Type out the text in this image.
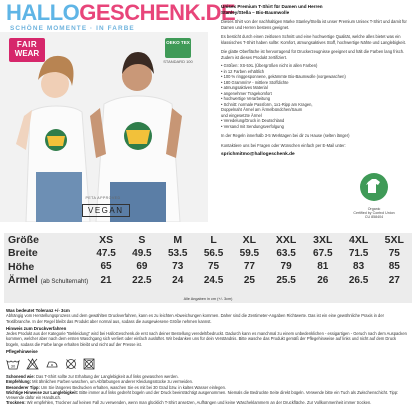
HALLOGESCHENK.DE
SCHÖNE MOMENTE · IN FARBE
FAIR
WEAR
OEKO TEX
STANDARD 100
PETA APPROVED
VEGAN
Unisex Premium T-Shirt für Damen und Herren
Stanley/Stella – Bio-Baumwolle

Dieses Shirt von der nachhaltigen Marke Stanley/Stella ist unser Premium Unisex T-Shirt und damit für Damen und Herren bestens geeignet.

Es besticht durch einen zeitlosen Schnitt und eine hochwertige Qualität, welche alles bietet was ein klassisches T-Shirt haben sollte: Komfort, atmungsaktives Stoff, hochwertige Nähte und Langlebigkeit.

Die glatte Oberfläche ist hervorragend für Druckerzeugnisse geeignet und hält die Farben lang frisch. Zudem ist dieses Produkt zertifiziert.

• Größen: XS-5XL (Übergrößen nicht in allen Farben)
• in 12 Farben erhältlich
• 100 % ringgesponnene, gekämmte Bio-Baumwolle (vorgewaschen)
• 180 Gramm/m² - mittlere Stoffdichte
• atmungsaktives Material
• angenehmer Tragekomfort
• hochwertige Verarbeitung
• Schnitt: normale Passform, 1x1-Ripp am Kragen,
Doppelnaht Ärmel am Ärmelbündchen/Saum
und eingesetzte Ärmel
• Veredelung/Druck in Deutschland
• Versand mit Sendungsverfolgung

In der Regeln innerhalb 3-5 Werktagen bei dir zu Hause (selten länger)

Kontaktiere uns bei Fragen oder Wünschen einfach per E-Mail unter:

sprichmitmo@hallogeschenk.de
Organic
Certified by Control Union
CU 858404
Größe	XS	S	M	L	XL	XXL	3XL	4XL	5XL
Breite	47.5	49.5	53.5	56.5	59.5	63.5	67.5	71.5	75
Höhe	65	69	73	75	77	79	81	83	85
Ärmel (ab Schulternaht)	21	22.5	24	24.5	25	25.5	26	26.5	27
Alle Angaben in cm (+/- 3cm)
Was bedeutet Toleranz +/- 3cm

Abhängig vom Herstellungsprozess und dem gewählten Druckverfahren, kann es zu leichten Abweichungen kommen. Daher sind die Zentimeter-Angaben Richtwerte. Das ist ein eine gewöhnliche Praxis in der Textilbranche. In der Regel bleibt das Produkt aber normal aus, sodass die ausgewiesene Größe nehmen kannst.

Hinweis zum Druckverfahren

Jedes Produkt aus der Kategorie "Bekleidung" wird bei HalloGeschenk.de erst nach deiner Bestellung veredelt/bedruckt. Dadurch kann es manchmal zu einem unbedenklichen - essigartigen - Geruch nach dem Auspacken kommen, welcher aber nach dem ersten Waschgang sich verliert oder einfach auslüftet. Wir bedanken uns für dein Verständnis. Bitte wasche das Produkt gemäß der Pflegehinweise auf links und nicht auf dem Druck bügeln, sodass die Farbe lange erhalten bleibt und nicht auf der Presse ist.

Pflegehinweise
30

Schonend wie: Das T-Shirt sollte zur Erhaltung der Langlebigkeit auf links gewaschen werden.

Empfehlung: Mit ähnlichen Farben waschen, um Abfärbungen anderer Kleidungsstücke zu vermeiden.

Besonderer Tipp: Um Sie längeres Bedrucken erhalten, waschen Sie es mit bei 30 Grad bzw. in kaltes Wasser einlegen.

Wichtige Hinweise zur Langlebigkeit: Bitte immer auf links gedreht bügeln und der Druck beeinträchtigt ausgenommen. Niemals die Bedruckte Seite direkt bügeln. Verwende bitte ein Tuch als Zwischenschicht. Tipp: Verwende dafür ein Handtuch.

Trocknen: Wir empfehlen, Trockner auf keinen Fall zu verwenden, wenn man glücklich T-Shirt ansetzen, Aufhängen und keine Wäscheklammern an der Druckfläche. Zur Vollkommenheit immer trocken.
